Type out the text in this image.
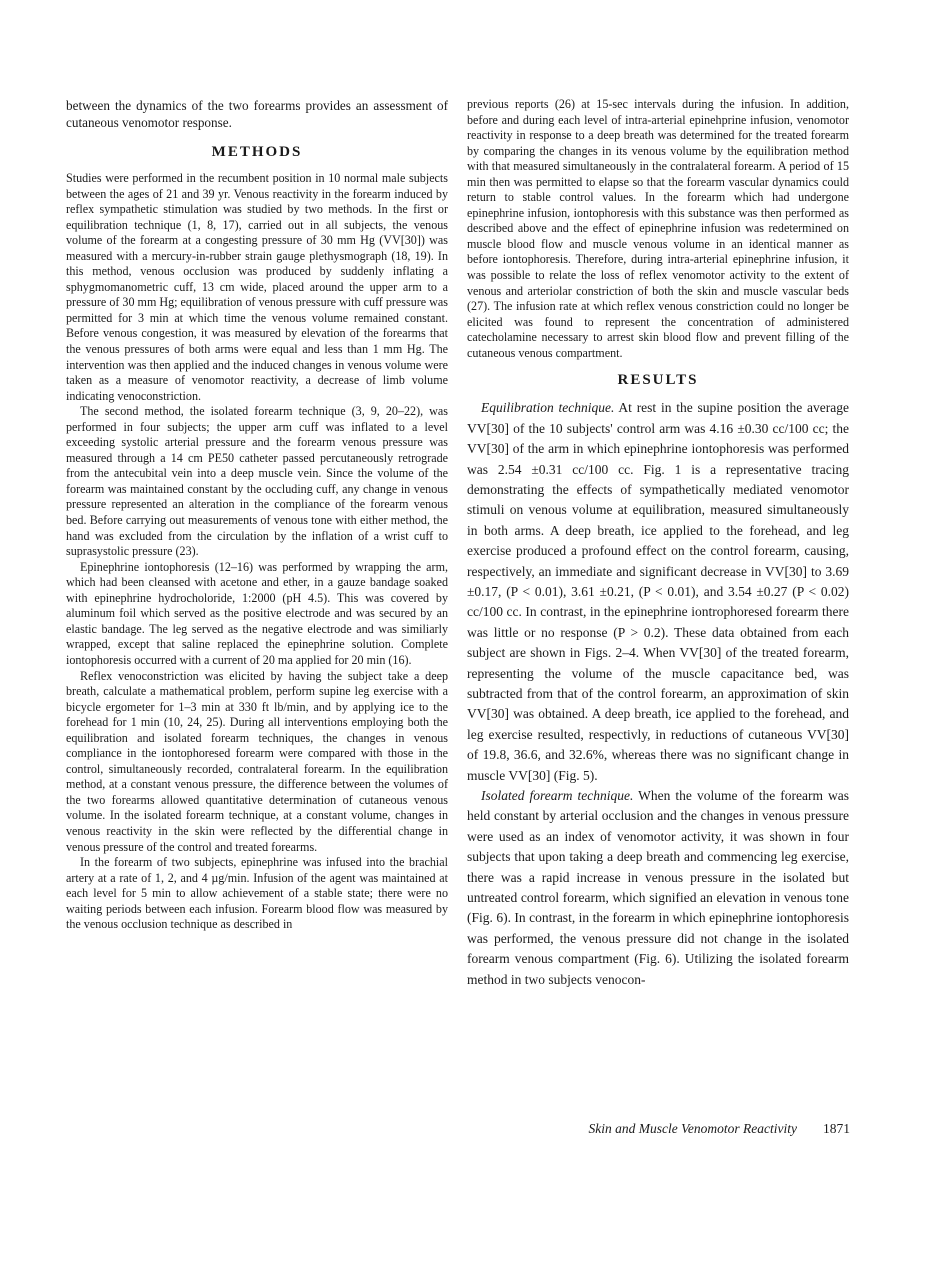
between the dynamics of the two forearms provides an assessment of cutaneous venomotor response.

METHODS

Studies were performed in the recumbent position in 10 normal male subjects between the ages of 21 and 39 yr. Venous reactivity in the forearm induced by reflex sympathetic stimulation was studied by two methods. In the first or equilibration technique (1, 8, 17), carried out in all subjects, the venous volume of the forearm at a congesting pressure of 30 mm Hg (VV[30]) was measured with a mercury-in-rubber strain gauge plethysmograph (18, 19). In this method, venous occlusion was produced by suddenly inflating a sphygmomanometric cuff, 13 cm wide, placed around the upper arm to a pressure of 30 mm Hg; equilibration of venous pressure with cuff pressure was permitted for 3 min at which time the venous volume remained constant. Before venous congestion, it was measured by elevation of the forearms that the venous pressures of both arms were equal and less than 1 mm Hg. The intervention was then applied and the induced changes in venous volume were taken as a measure of venomotor reactivity, a decrease of limb volume indicating venoconstriction.

The second method, the isolated forearm technique (3, 9, 20–22), was performed in four subjects; the upper arm cuff was inflated to a level exceeding systolic arterial pressure and the forearm venous pressure was measured through a 14 cm PE50 catheter passed percutaneously retrograde from the antecubital vein into a deep muscle vein. Since the volume of the forearm was maintained constant by the occluding cuff, any change in venous pressure represented an alteration in the compliance of the forearm venous bed. Before carrying out measurements of venous tone with either method, the hand was excluded from the circulation by the inflation of a wrist cuff to suprasystolic pressure (23).

Epinephrine iontophoresis (12–16) was performed by wrapping the arm, which had been cleansed with acetone and ether, in a gauze bandage soaked with epinephrine hydrocholoride, 1:2000 (pH 4.5). This was covered by aluminum foil which served as the positive electrode and was secured by an elastic bandage. The leg served as the negative electrode and was similiarly wrapped, except that saline replaced the epinephrine solution. Complete iontophoresis occurred with a current of 20 ma applied for 20 min (16).

Reflex venoconstriction was elicited by having the subject take a deep breath, calculate a mathematical problem, perform supine leg exercise with a bicycle ergometer for 1–3 min at 330 ft lb/min, and by applying ice to the forehead for 1 min (10, 24, 25). During all interventions employing both the equilibration and isolated forearm techniques, the changes in venous compliance in the iontophoresed forearm were compared with those in the control, simultaneously recorded, contralateral forearm. In the equilibration method, at a constant venous pressure, the difference between the volumes of the two forearms allowed quantitative determination of cutaneous venous volume. In the isolated forearm technique, at a constant volume, changes in venous reactivity in the skin were reflected by the differential change in venous pressure of the control and treated forearms.

In the forearm of two subjects, epinephrine was infused into the brachial artery at a rate of 1, 2, and 4 µg/min. Infusion of the agent was maintained at each level for 5 min to allow achievement of a stable state; there were no waiting periods between each infusion. Forearm blood flow was measured by the venous occlusion technique as described in

previous reports (26) at 15-sec intervals during the infusion. In addition, before and during each level of intra-arterial epinehprine infusion, venomotor reactivity in response to a deep breath was determined for the treated forearm by comparing the changes in its venous volume by the equilibration method with that measured simultaneously in the contralateral forearm. A period of 15 min then was permitted to elapse so that the forearm vascular dynamics could return to stable control values. In the forearm which had undergone epinephrine infusion, iontophoresis with this substance was then performed as described above and the effect of epinephrine infusion was redetermined on muscle blood flow and muscle venous volume in an identical manner as before iontophoresis. Therefore, during intra-arterial epinephrine infusion, it was possible to relate the loss of reflex venomotor activity to the extent of venous and arteriolar constriction of both the skin and muscle vascular beds (27). The infusion rate at which reflex venous constriction could no longer be elicited was found to represent the concentration of administered catecholamine necessary to arrest skin blood flow and prevent filling of the cutaneous venous compartment.

RESULTS

Equilibration technique. At rest in the supine position the average VV[30] of the 10 subjects' control arm was 4.16 ±0.30 cc/100 cc; the VV[30] of the arm in which epinephrine iontophoresis was performed was 2.54 ±0.31 cc/100 cc. Fig. 1 is a representative tracing demonstrating the effects of sympathetically mediated venomotor stimuli on venous volume at equilibration, measured simultaneously in both arms. A deep breath, ice applied to the forehead, and leg exercise produced a profound effect on the control forearm, causing, respectively, an immediate and significant decrease in VV[30] to 3.69 ±0.17, (P < 0.01), 3.61 ±0.21, (P < 0.01), and 3.54 ±0.27 (P < 0.02) cc/100 cc. In contrast, in the epinephrine iontrophoresed forearm there was little or no response (P > 0.2). These data obtained from each subject are shown in Figs. 2–4. When VV[30] of the treated forearm, representing the volume of the muscle capacitance bed, was subtracted from that of the control forearm, an approximation of skin VV[30] was obtained. A deep breath, ice applied to the forehead, and leg exercise resulted, respectivly, in reductions of cutaneous VV[30] of 19.8, 36.6, and 32.6%, whereas there was no significant change in muscle VV[30] (Fig. 5).

Isolated forearm technique. When the volume of the forearm was held constant by arterial occlusion and the changes in venous pressure were used as an index of venomotor activity, it was shown in four subjects that upon taking a deep breath and commencing leg exercise, there was a rapid increase in venous pressure in the isolated but untreated control forearm, which signified an elevation in venous tone (Fig. 6). In contrast, in the forearm in which epinephrine iontophoresis was performed, the venous pressure did not change in the isolated forearm venous compartment (Fig. 6). Utilizing the isolated forearm method in two subjects venocon-

Skin and Muscle Venomotor Reactivity 1871
